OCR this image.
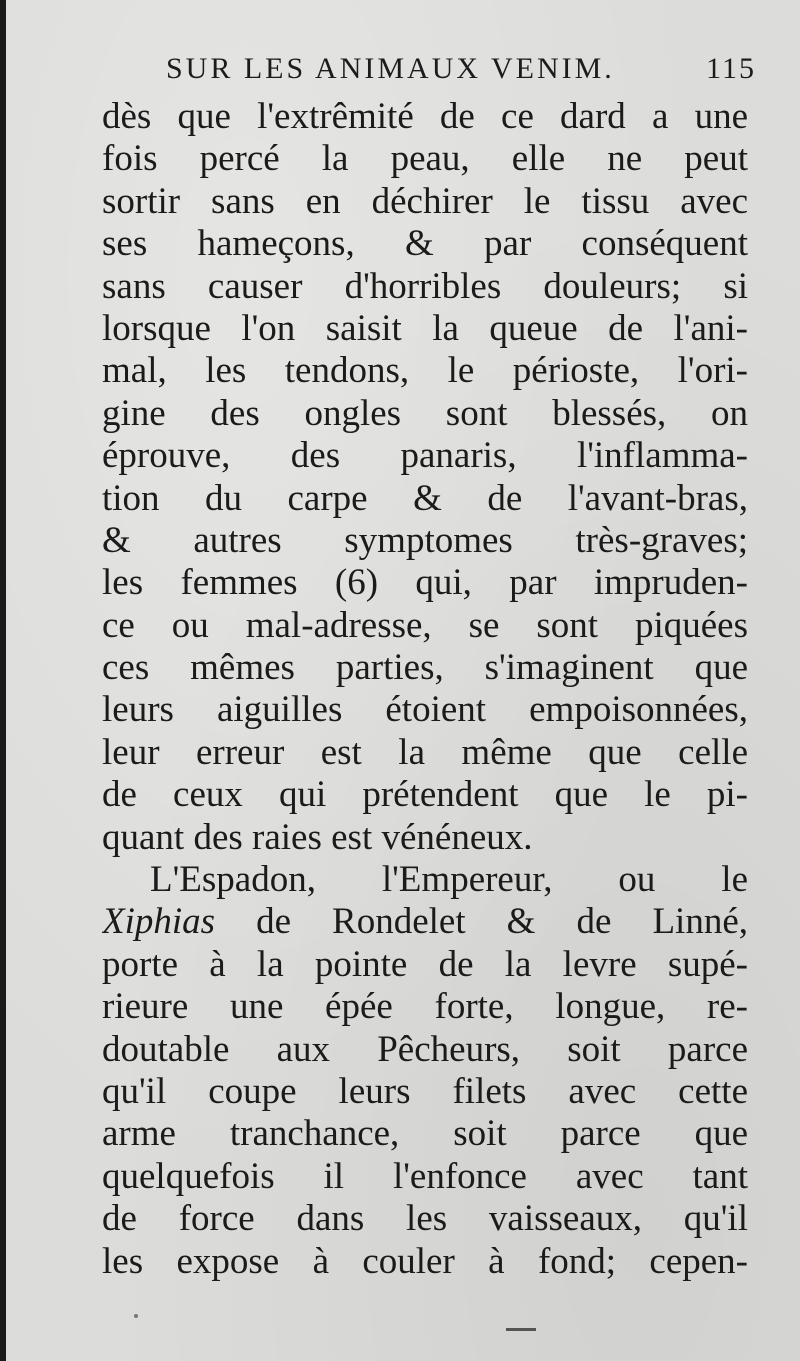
SUR LES ANIMAUX VENIM.	115
dès que l'extrêmité de ce dard a une
fois percé la peau, elle ne peut
sortir sans en déchirer le tissu avec
ses hameçons, & par conséquent
sans causer d'horribles douleurs; si
lorsque l'on saisit la queue de l'ani-
mal, les tendons, le périoste, l'ori-
gine des ongles sont blessés, on
éprouve, des panaris, l'inflamma-
tion du carpe & de l'avant-bras,
& autres symptomes très-graves;
les femmes (6) qui, par impruden-
ce ou mal-adresse, se sont piquées
ces mêmes parties, s'imaginent que
leurs aiguilles étoient empoisonnées,
leur erreur est la même que celle
de ceux qui prétendent que le pi-
quant des raies est vénéneux.
L'Espadon, l'Empereur, ou le
Xiphias de Rondelet & de Linné,
porte à la pointe de la levre supé-
rieure une épée forte, longue, re-
doutable aux Pêcheurs, soit parce
qu'il coupe leurs filets avec cette
arme tranchance, soit parce que
quelquefois il l'enfonce avec tant
de force dans les vaisseaux, qu'il
les expose à couler à fond; cepen-
